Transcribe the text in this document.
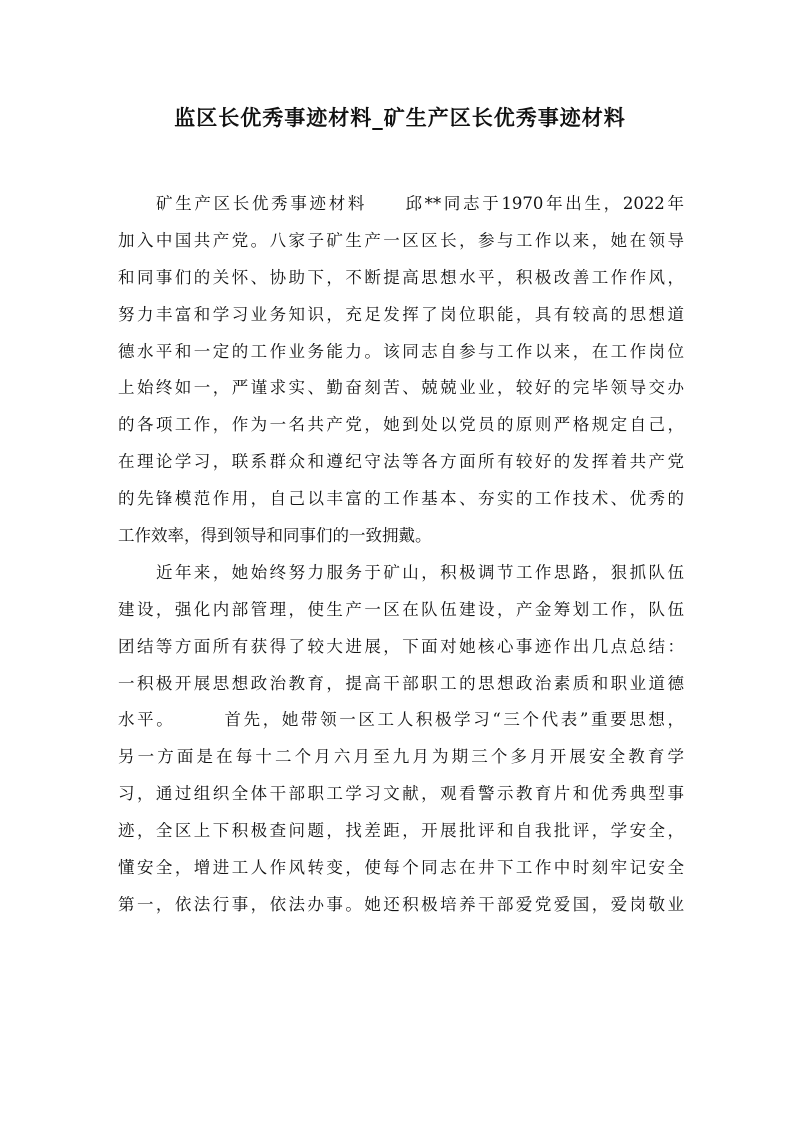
监区长优秀事迹材料_矿生产区长优秀事迹材料
矿生产区长优秀事迹材料　　邱**同志于1970年出生，2022年
加入中国共产党。八家子矿生产一区区长，参与工作以来，她在领导
和同事们的关怀、协助下，不断提高思想水平，积极改善工作作风，
努力丰富和学习业务知识，充足发挥了岗位职能，具有较高的思想道
德水平和一定的工作业务能力。该同志自参与工作以来，在工作岗位
上始终如一，严谨求实、勤奋刻苦、兢兢业业，较好的完毕领导交办
的各项工作，作为一名共产党，她到处以党员的原则严格规定自己，
在理论学习，联系群众和遵纪守法等各方面所有较好的发挥着共产党
的先锋模范作用，自己以丰富的工作基本、夯实的工作技术、优秀的
工作效率，得到领导和同事们的一致拥戴。
近年来，她始终努力服务于矿山，积极调节工作思路，狠抓队伍
建设，强化内部管理，使生产一区在队伍建设，产金筹划工作，队伍
团结等方面所有获得了较大进展，下面对她核心事迹作出几点总结：
一积极开展思想政治教育，提高干部职工的思想政治素质和职业道德
水平。　　　首先，她带领一区工人积极学习“三个代表”重要思想，
另一方面是在每十二个月六月至九月为期三个多月开展安全教育学
习，通过组织全体干部职工学习文献，观看警示教育片和优秀典型事
迹，全区上下积极查问题，找差距，开展批评和自我批评，学安全，
懂安全，增进工人作风转变，使每个同志在井下工作中时刻牢记安全
第一，依法行事，依法办事。她还积极培养干部爱党爱国，爱岗敬业
